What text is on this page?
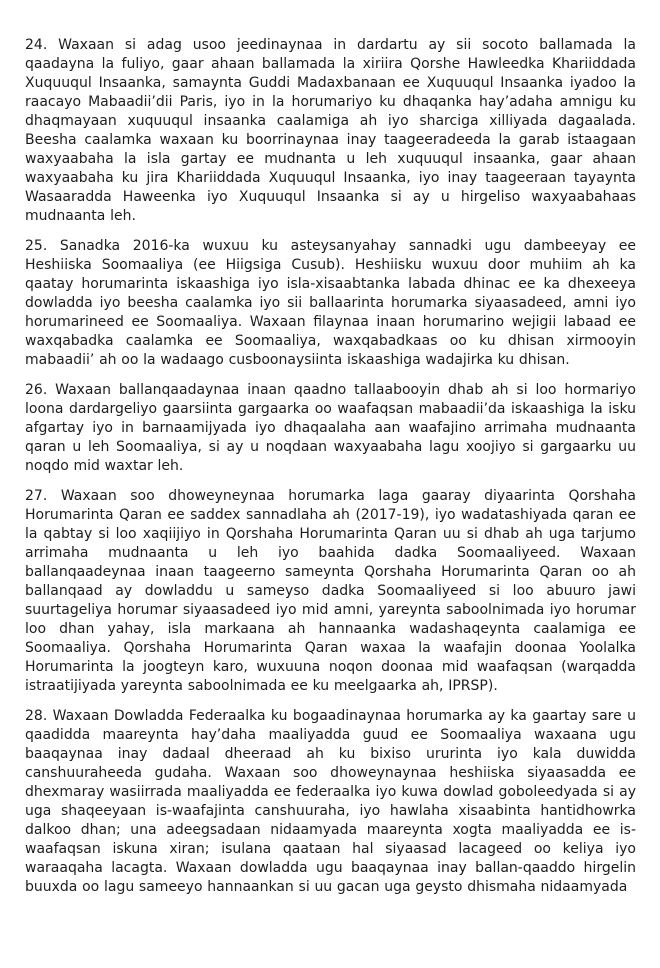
24. Waxaan si adag usoo jeedinaynaa in dardartu ay sii socoto ballamada la qaadayna la fuliyo, gaar ahaan ballamada la xiriira Qorshe Hawleedka Khariiddada Xuquuqul Insaanka, samaynta Guddi Madaxbanaan ee Xuquuqul Insaanka iyadoo la raacayo Mabaadii’dii Paris, iyo in la horumariyo ku dhaqanka hay’adaha amnigu ku dhaqmayaan xuquuqul insaanka caalamiga ah iyo sharciga xilliyada dagaalada. Beesha caalamka waxaan ku boorrinaynaa inay taageeradeeda la garab istaagaan waxyaabaha la isla gartay ee mudnanta u leh xuquuqul insaanka, gaar ahaan waxyaabaha ku jira Khariiddada Xuquuqul Insaanka, iyo inay taageeraan tayaynta Wasaaradda Haweenka iyo Xuquuqul Insaanka si ay u hirgeliso waxyaabahaas mudnaanta leh.

25. Sanadka 2016-ka wuxuu ku asteysanyahay sannadki ugu dambeeyay ee Heshiiska Soomaaliya (ee Hiigsiga Cusub). Heshiisku wuxuu door muhiim ah ka qaatay horumarinta iskaashiga iyo isla-xisaabtanka labada dhinac ee ka dhexeeya dowladda iyo beesha caalamka iyo sii ballaarinta horumarka siyaasadeed, amni iyo horumarineed ee Soomaaliya. Waxaan filaynaa inaan horumarino wejigii labaad ee waxqabadka caalamka ee Soomaaliya, waxqabadkaas oo ku dhisan xirmooyin mabaadii’ ah oo la wadaago cusboonaysiinta iskaashiga wadajirka ku dhisan.

26. Waxaan ballanqaadaynaa inaan qaadno tallaabooyin dhab ah si loo hormariyo loona dardargeliyo gaarsiinta gargaarka oo waafaqsan mabaadii’da iskaashiga la isku afgartay iyo in barnaamijyada iyo dhaqaalaha aan waafajino arrimaha mudnaanta qaran u leh Soomaaliya, si ay u noqdaan waxyaabaha lagu xoojiyo si gargaarku uu noqdo mid waxtar leh.

27. Waxaan soo dhoweyneynaa horumarka laga gaaray diyaarinta Qorshaha Horumarinta Qaran ee saddex sannadlaha ah (2017-19), iyo wadatashiyada qaran ee la qabtay si loo xaqiijiyo in Qorshaha Horumarinta Qaran uu si dhab ah uga tarjumo arrimaha mudnaanta u leh iyo baahida dadka Soomaaliyeed. Waxaan ballanqaadeynaa inaan taageerno sameynta Qorshaha Horumarinta Qaran oo ah ballanqaad ay dowladdu u sameyso dadka Soomaaliyeed si loo abuuro jawi suurtageliya horumar siyaasadeed iyo mid amni, yareynta saboolnimada iyo horumar loo dhan yahay, isla markaana ah hannaanka wadashaqeynta caalamiga ee Soomaaliya. Qorshaha Horumarinta Qaran waxaa la waafajin doonaa Yoolalka Horumarinta la joogteyn karo, wuxuuna noqon doonaa mid waafaqsan (warqadda istraatijiyada yareynta saboolnimada ee ku meelgaarka ah, IPRSP).

28. Waxaan Dowladda Federaalka ku bogaadinaynaa horumarka ay ka gaartay sare u qaadidda maareynta hay’daha maaliyadda guud ee Soomaaliya waxaana ugu baaqaynaa inay dadaal dheeraad ah ku bixiso ururinta iyo kala duwidda canshuuraheeda gudaha. Waxaan soo dhoweynaynaa heshiiska siyaasadda ee dhexmaray wasiirrada maaliyadda ee federaalka iyo kuwa dowlad goboleedyada si ay uga shaqeeyaan is-waafajinta canshuuraha, iyo hawlaha xisaabinta hantidhowrka dalkoo dhan; una adeegsadaan nidaamyada maareynta xogta maaliyadda ee is-waafaqsan iskuna xiran; isulana qaataan hal siyaasad lacageed oo keliya iyo waraaqaha lacagta. Waxaan dowladda ugu baaqaynaa inay ballan-qaaddo hirgelin buuxda oo lagu sameeyo hannaankan si uu gacan uga geysto dhismaha nidaamyada
